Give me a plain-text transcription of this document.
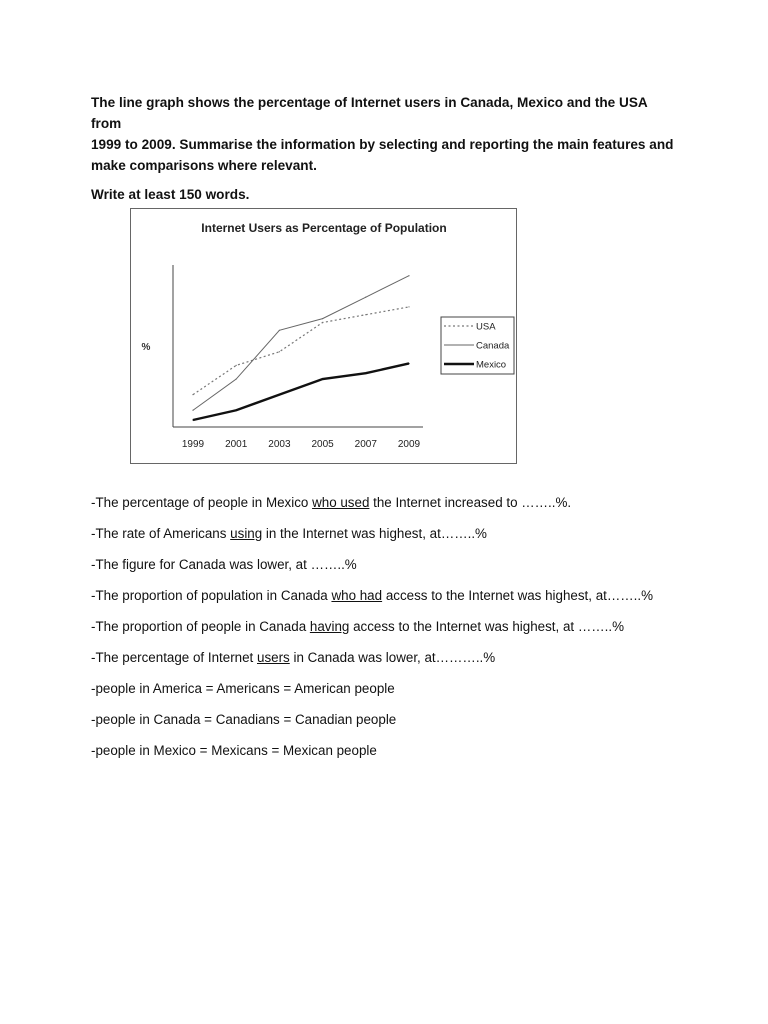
The line graph shows the percentage of Internet users in Canada, Mexico and the USA from

1999 to 2009. Summarise the information by selecting and reporting the main features and

make comparisons where relevant.

Write at least 150 words.

Internet Users as Percentage of Population
%
1999 2001 2003 2005 2007 2009
USA
Canada
Mexico
-The percentage of people in Mexico who used the Internet increased to ……..%.
-The rate of Americans using in the Internet was highest, at……..%
-The figure for Canada was lower, at ……..%
-The proportion of population in Canada who had access to the Internet was highest, at……..%
-The proportion of people in Canada having access to the Internet was highest, at ……..%
-The percentage of Internet users in Canada was lower, at………..%
-people in America = Americans = American people
-people in Canada = Canadians = Canadian people
-people in Mexico = Mexicans = Mexican people
